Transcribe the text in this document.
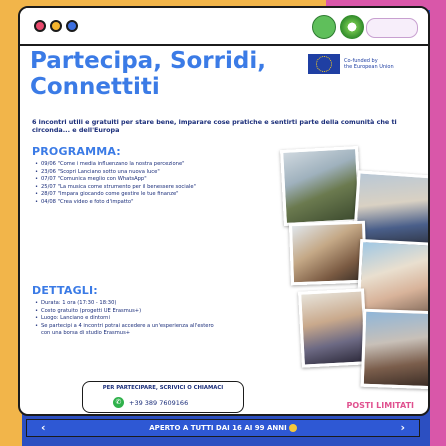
Co-funded by
the European Union
Partecipa, Sorridi, Connettiti

6 incontri utili e gratuiti per stare bene, imparare cose pratiche e sentirti parte della comunità che ti circonda... e dell'Europa

PROGRAMMA:
• 09/06 "Come i media influenzano la nostra percezione"
• 23/06 "Scopri Lanciano sotto una nuova luce"
• 07/07 "Comunica meglio con WhatsApp"
• 25/07 "La musica come strumento per il benessere sociale"
• 28/07 "Impara giocando come gestire le tue finanze"
• 04/08 "Crea video e foto d'impatto"
DETTAGLI:
• Durata: 1 ora (17:30 - 18:30)
• Costo gratuito (progetti UE Erasmus+)
• Luogo: Lanciano e dintorni
• Se partecipi a 4 incontri potrai accedere a un'esperienza all'estero con una borsa di studio Erasmus+
PER PARTECIPARE, SCRIVICI O CHIAMACI
✆	+39 389 7609166	POSTI LIMITATI
‹	APERTO A TUTTI DAI 16 AI 99 ANNI	›
